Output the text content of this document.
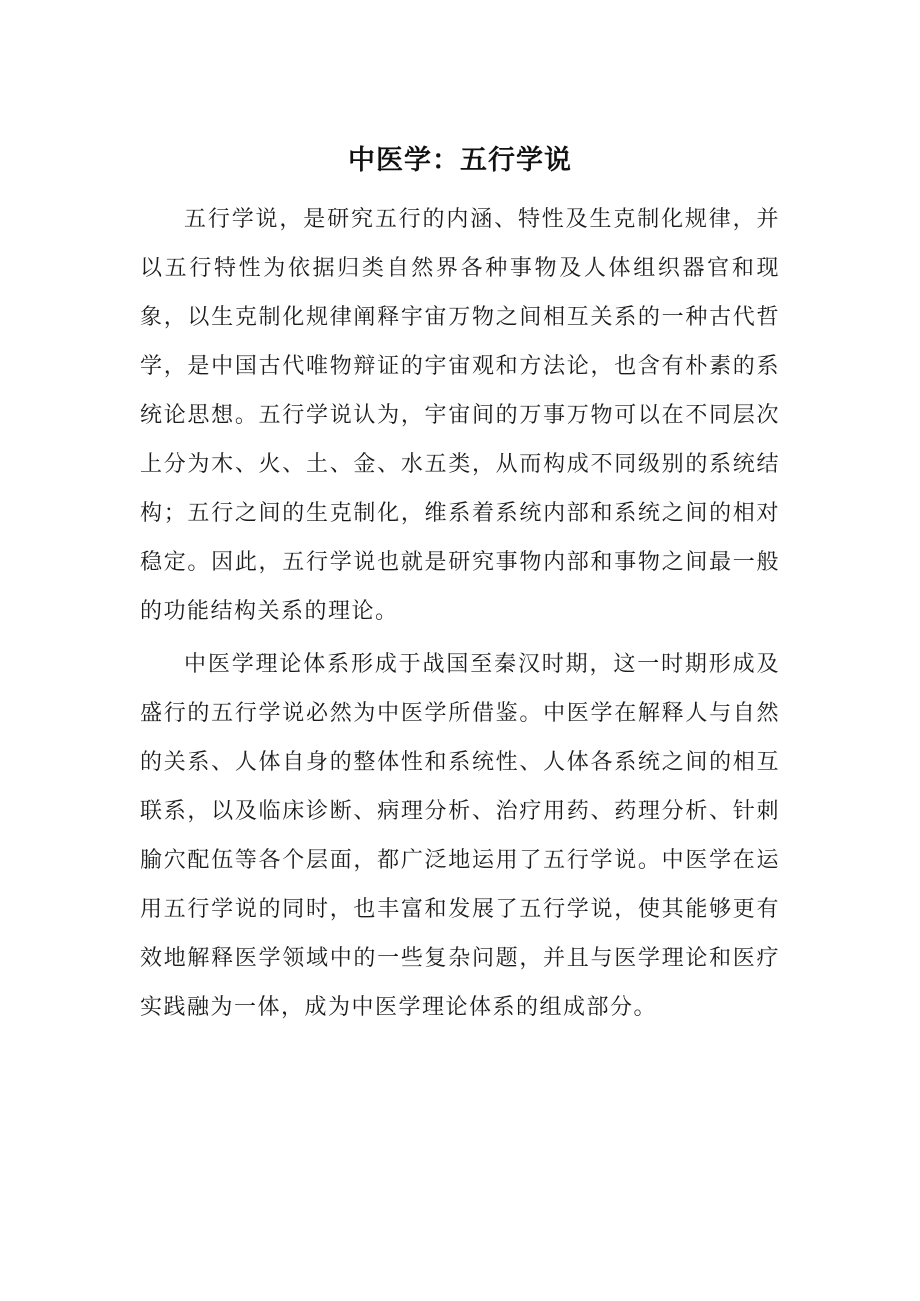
中医学：五行学说

五行学说，是研究五行的内涵、特性及生克制化规律，并以五行特性为依据归类自然界各种事物及人体组织器官和现象，以生克制化规律阐释宇宙万物之间相互关系的一种古代哲学，是中国古代唯物辩证的宇宙观和方法论，也含有朴素的系统论思想。五行学说认为，宇宙间的万事万物可以在不同层次上分为木、火、土、金、水五类，从而构成不同级别的系统结构；五行之间的生克制化，维系着系统内部和系统之间的相对稳定。因此，五行学说也就是研究事物内部和事物之间最一般的功能结构关系的理论。

中医学理论体系形成于战国至秦汉时期，这一时期形成及盛行的五行学说必然为中医学所借鉴。中医学在解释人与自然的关系、人体自身的整体性和系统性、人体各系统之间的相互联系，以及临床诊断、病理分析、治疗用药、药理分析、针刺腧穴配伍等各个层面，都广泛地运用了五行学说。中医学在运用五行学说的同时，也丰富和发展了五行学说，使其能够更有效地解释医学领域中的一些复杂问题，并且与医学理论和医疗实践融为一体，成为中医学理论体系的组成部分。
